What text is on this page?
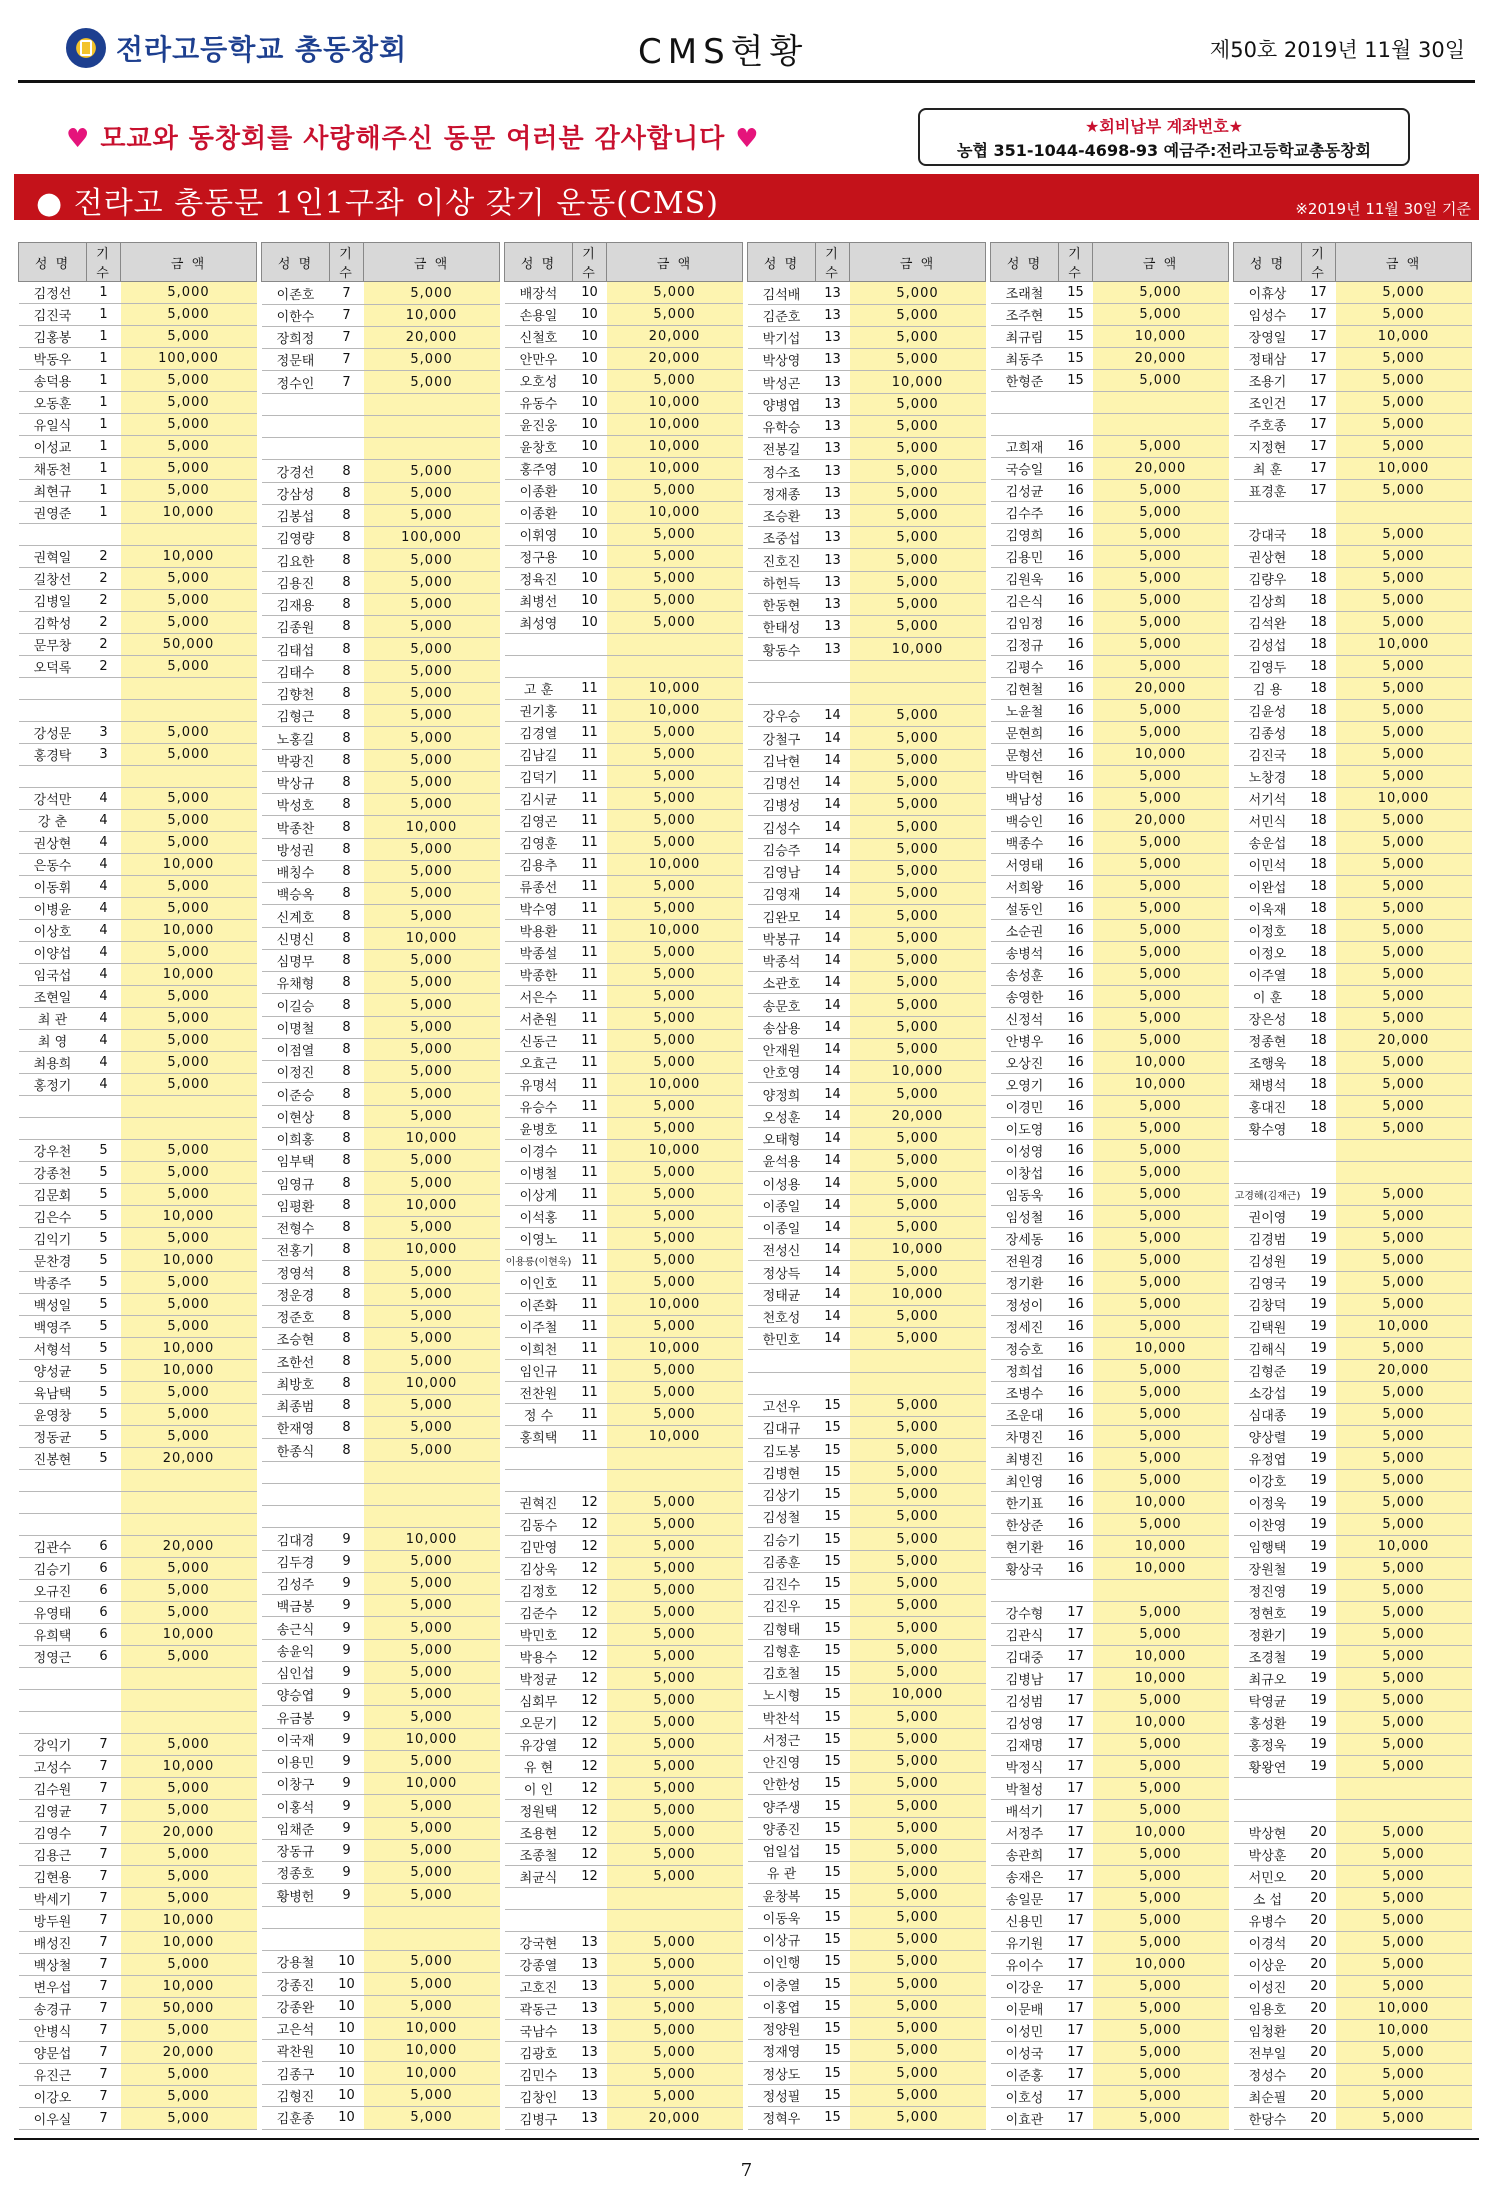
전라고등학교 총동창회	CMS현황	제50호 2019년 11월 30일
♥ 모교와 동창회를 사랑해주신 동문 여러분 감사합니다 ♥	★회비납부 계좌번호★
농협 351-1044-4698-93 예금주:전라고등학교총동창회
● 전라고 총동문 1인1구좌 이상 갖기 운동(CMS)	※2019년 11월 30일 기준
성 명	기 수	금 액
김정선	1	5,000
김진국	1	5,000
김홍봉	1	5,000
박동우	1	100,000
송덕용	1	5,000
오동훈	1	5,000
유일식	1	5,000
이성교	1	5,000
채동천	1	5,000
최현규	1	5,000
권영준	1	10,000

권혁일	2	10,000
길창선	2	5,000
김병일	2	5,000
김학성	2	5,000
문무창	2	50,000
오덕록	2	5,000

강성문	3	5,000
홍경탁	3	5,000

강석만	4	5,000
강 춘	4	5,000
권상현	4	5,000
은동수	4	10,000
이동휘	4	5,000
이병윤	4	5,000
이상호	4	10,000
이양섭	4	5,000
임국섭	4	10,000
조현일	4	5,000
최 관	4	5,000
최 영	4	5,000
최용희	4	5,000
홍정기	4	5,000

강우천	5	5,000
강종천	5	5,000
김문회	5	5,000
김은수	5	10,000
김익기	5	5,000
문찬경	5	10,000
박종주	5	5,000
백성일	5	5,000
백영주	5	5,000
서형석	5	10,000
양성균	5	10,000
육남택	5	5,000
윤영창	5	5,000
정동균	5	5,000
진봉현	5	20,000

김관수	6	20,000
김승기	6	5,000
오규진	6	5,000
유영태	6	5,000
유희택	6	10,000
정영근	6	5,000

강익기	7	5,000
고성수	7	10,000
김수원	7	5,000
김영균	7	5,000
김영수	7	20,000
김용근	7	5,000
김현용	7	5,000
박세기	7	5,000
방두원	7	10,000
배성진	7	10,000
백상철	7	5,000
변우섭	7	10,000
송경규	7	50,000
안병식	7	5,000
양문섭	7	20,000
유진근	7	5,000
이강오	7	5,000
이우실	7	5,000
성 명	기 수	금 액
이존호	7	5,000
이한수	7	10,000
장희정	7	20,000
정문태	7	5,000
정수인	7	5,000

강경선	8	5,000
강삼성	8	5,000
김봉섭	8	5,000
김영량	8	100,000
김요한	8	5,000
김용진	8	5,000
김재용	8	5,000
김종원	8	5,000
김태섭	8	5,000
김태수	8	5,000
김향천	8	5,000
김형근	8	5,000
노홍길	8	5,000
박광진	8	5,000
박상규	8	5,000
박성호	8	5,000
박종찬	8	10,000
방성권	8	5,000
배칭수	8	5,000
백승옥	8	5,000
신계호	8	5,000
신명신	8	10,000
심명무	8	5,000
유채형	8	5,000
이길승	8	5,000
이명철	8	5,000
이점열	8	5,000
이정진	8	5,000
이준승	8	5,000
이현상	8	5,000
이희홍	8	10,000
임부택	8	5,000
임영규	8	5,000
임평환	8	10,000
전형수	8	5,000
전홍기	8	10,000
정영석	8	5,000
정운경	8	5,000
정준호	8	5,000
조승현	8	5,000
조한선	8	5,000
최방호	8	10,000
최종범	8	5,000
한재영	8	5,000
한종식	8	5,000

김대경	9	10,000
김두경	9	5,000
김성주	9	5,000
백금봉	9	5,000
송근식	9	5,000
송윤익	9	5,000
심인섭	9	5,000
양승엽	9	5,000
유금봉	9	5,000
이국재	9	10,000
이용민	9	5,000
이창구	9	10,000
이홍석	9	5,000
임채준	9	5,000
장동규	9	5,000
정종호	9	5,000
황병헌	9	5,000

강용철	10	5,000
강종진	10	5,000
강종완	10	5,000
고은석	10	10,000
곽찬원	10	10,000
김종구	10	10,000
김형진	10	5,000
김훈종	10	5,000
성 명	기 수	금 액
배장석	10	5,000
손용일	10	5,000
신철호	10	20,000
안만우	10	20,000
오호성	10	5,000
유동수	10	10,000
윤진웅	10	10,000
윤창호	10	10,000
홍주영	10	10,000
이종환	10	5,000
이종환	10	10,000
이휘영	10	5,000
정구용	10	5,000
정육진	10	5,000
최병선	10	5,000
최성영	10	5,000

고 훈	11	10,000
권기홍	11	10,000
김경열	11	5,000
김남길	11	5,000
김덕기	11	5,000
김시균	11	5,000
김영곤	11	5,000
김영훈	11	5,000
김용추	11	10,000
류종선	11	5,000
박수영	11	5,000
박용환	11	10,000
박종설	11	5,000
박종한	11	5,000
서은수	11	5,000
서춘원	11	5,000
신동근	11	5,000
오효근	11	5,000
유명석	11	10,000
유승수	11	5,000
윤병호	11	5,000
이경수	11	10,000
이병철	11	5,000
이상계	11	5,000
이석홍	11	5,000
이영노	11	5,000
이용릉(이현욱)	11	5,000
이인호	11	5,000
이존화	11	10,000
이주철	11	5,000
이희천	11	10,000
임인규	11	5,000
전찬원	11	5,000
정 수	11	5,000
홍희택	11	10,000

권혁진	12	5,000
김동수	12	5,000
김만영	12	5,000
김상욱	12	5,000
김정호	12	5,000
김준수	12	5,000
박민호	12	5,000
박용수	12	5,000
박정균	12	5,000
심회무	12	5,000
오문기	12	5,000
유강열	12	5,000
유 현	12	5,000
이 인	12	5,000
정원택	12	5,000
조용현	12	5,000
조종철	12	5,000
최균식	12	5,000

강국현	13	5,000
강종열	13	5,000
고호진	13	5,000
곽동근	13	5,000
국남수	13	5,000
김광호	13	5,000
김민수	13	5,000
김창인	13	5,000
김병구	13	20,000
성 명	기 수	금 액
김석배	13	5,000
김준호	13	5,000
박기섭	13	5,000
박상영	13	5,000
박성곤	13	10,000
양병엽	13	5,000
유학승	13	5,000
전봉길	13	5,000
정수조	13	5,000
정재종	13	5,000
조승환	13	5,000
조중섭	13	5,000
진호진	13	5,000
하헌득	13	5,000
한동현	13	5,000
한태성	13	5,000
황동수	13	10,000

강우승	14	5,000
강철구	14	5,000
김낙현	14	5,000
김명선	14	5,000
김병성	14	5,000
김성수	14	5,000
김승주	14	5,000
김영남	14	5,000
김영재	14	5,000
김완모	14	5,000
박봉규	14	5,000
박종석	14	5,000
소관호	14	5,000
송문호	14	5,000
송삼용	14	5,000
안재원	14	5,000
안호영	14	10,000
양정희	14	5,000
오성훈	14	20,000
오태형	14	5,000
윤석용	14	5,000
이성용	14	5,000
이종일	14	5,000
이종일	14	5,000
전성신	14	10,000
정상득	14	5,000
정태균	14	10,000
천호성	14	5,000
한민호	14	5,000

고선우	15	5,000
김대규	15	5,000
김도봉	15	5,000
김병현	15	5,000
김상기	15	5,000
김성철	15	5,000
김승기	15	5,000
김종훈	15	5,000
김진수	15	5,000
김진우	15	5,000
김형태	15	5,000
김형훈	15	5,000
김호철	15	5,000
노시형	15	10,000
박찬석	15	5,000
서정근	15	5,000
안진영	15	5,000
안한성	15	5,000
양주생	15	5,000
양종진	15	5,000
엄일섭	15	5,000
유 관	15	5,000
윤창복	15	5,000
이동욱	15	5,000
이상규	15	5,000
이인행	15	5,000
이충열	15	5,000
이홍엽	15	5,000
정양원	15	5,000
정재영	15	5,000
정상도	15	5,000
정성필	15	5,000
정혁우	15	5,000
성 명	기 수	금 액
조래철	15	5,000
조주현	15	5,000
최규림	15	10,000
최동주	15	20,000
한형준	15	5,000

고희재	16	5,000
국승일	16	20,000
김성균	16	5,000
김수주	16	5,000
김영희	16	5,000
김용민	16	5,000
김원욱	16	5,000
김은식	16	5,000
김임정	16	5,000
김정규	16	5,000
김평수	16	5,000
김현철	16	20,000
노윤철	16	5,000
문현희	16	5,000
문형선	16	10,000
박덕현	16	5,000
백남성	16	5,000
백승인	16	20,000
백종수	16	5,000
서영태	16	5,000
서희왕	16	5,000
설동인	16	5,000
소순권	16	5,000
송병석	16	5,000
송성훈	16	5,000
송영한	16	5,000
신정석	16	5,000
안병우	16	5,000
오상진	16	10,000
오영기	16	10,000
이경민	16	5,000
이도영	16	5,000
이성영	16	5,000
이창섭	16	5,000
임동욱	16	5,000
임성철	16	5,000
장세동	16	5,000
전원경	16	5,000
정기환	16	5,000
정성이	16	5,000
정세진	16	5,000
정승호	16	10,000
정희섭	16	5,000
조병수	16	5,000
조운대	16	5,000
차명진	16	5,000
최병진	16	5,000
최인영	16	5,000
한기표	16	10,000
한상준	16	5,000
현기환	16	10,000
황상국	16	10,000

강수형	17	5,000
김관식	17	5,000
김대중	17	10,000
김병남	17	10,000
김성범	17	5,000
김성영	17	10,000
김재명	17	5,000
박정식	17	5,000
박철성	17	5,000
배석기	17	5,000
서정주	17	10,000
송관희	17	5,000
송재은	17	5,000
송일문	17	5,000
신용민	17	5,000
유기원	17	5,000
유이수	17	10,000
이강운	17	5,000
이문배	17	5,000
이성민	17	5,000
이성국	17	5,000
이준홍	17	5,000
이호성	17	5,000
이효관	17	5,000
성 명	기 수	금 액
이휴상	17	5,000
임성수	17	5,000
장영일	17	10,000
정태삼	17	5,000
조용기	17	5,000
조인건	17	5,000
주호종	17	5,000
지정현	17	5,000
최 훈	17	10,000
표경훈	17	5,000

강대국	18	5,000
권상현	18	5,000
김량우	18	5,000
김상희	18	5,000
김석완	18	5,000
김성섭	18	10,000
김영두	18	5,000
김 용	18	5,000
김윤성	18	5,000
김종성	18	5,000
김진국	18	5,000
노창경	18	5,000
서기석	18	10,000
서민식	18	5,000
송운섭	18	5,000
이민석	18	5,000
이완섭	18	5,000
이욱재	18	5,000
이정호	18	5,000
이정오	18	5,000
이주열	18	5,000
이 훈	18	5,000
장은성	18	5,000
정종현	18	20,000
조행욱	18	5,000
채병석	18	5,000
홍대진	18	5,000
황수영	18	5,000

고경해(김재근)	19	5,000
권이영	19	5,000
김경범	19	5,000
김성원	19	5,000
김영국	19	5,000
김창덕	19	5,000
김택원	19	10,000
김해식	19	5,000
김형준	19	20,000
소강섭	19	5,000
심대종	19	5,000
양상렬	19	5,000
유정엽	19	5,000
이강호	19	5,000
이정욱	19	5,000
이찬영	19	5,000
임행택	19	10,000
장원철	19	5,000
정진영	19	5,000
정현호	19	5,000
정환기	19	5,000
조경철	19	5,000
최규오	19	5,000
탁영균	19	5,000
홍성환	19	5,000
홍정욱	19	5,000
황왕연	19	5,000

박상현	20	5,000
박상훈	20	5,000
서민오	20	5,000
소 섭	20	5,000
유병수	20	5,000
이경석	20	5,000
이상운	20	5,000
이성진	20	5,000
임용호	20	10,000
임청환	20	10,000
전부일	20	5,000
정성수	20	5,000
최순필	20	5,000
한당수	20	5,000
7
